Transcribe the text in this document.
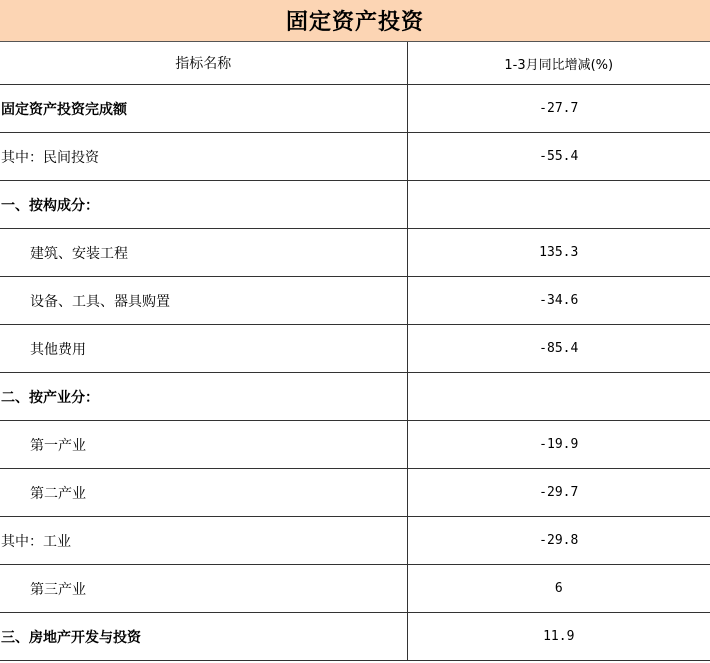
固定资产投资
指标名称	1-3月同比增减(%)
固定资产投资完成额	-27.7
其中：民间投资	-55.4
一、按构成分：	
建筑、安装工程	135.3
设备、工具、器具购置	-34.6
其他费用	-85.4
二、按产业分：	
第一产业	-19.9
第二产业	-29.7
其中：工业	-29.8
第三产业	6
三、房地产开发与投资	11.9
